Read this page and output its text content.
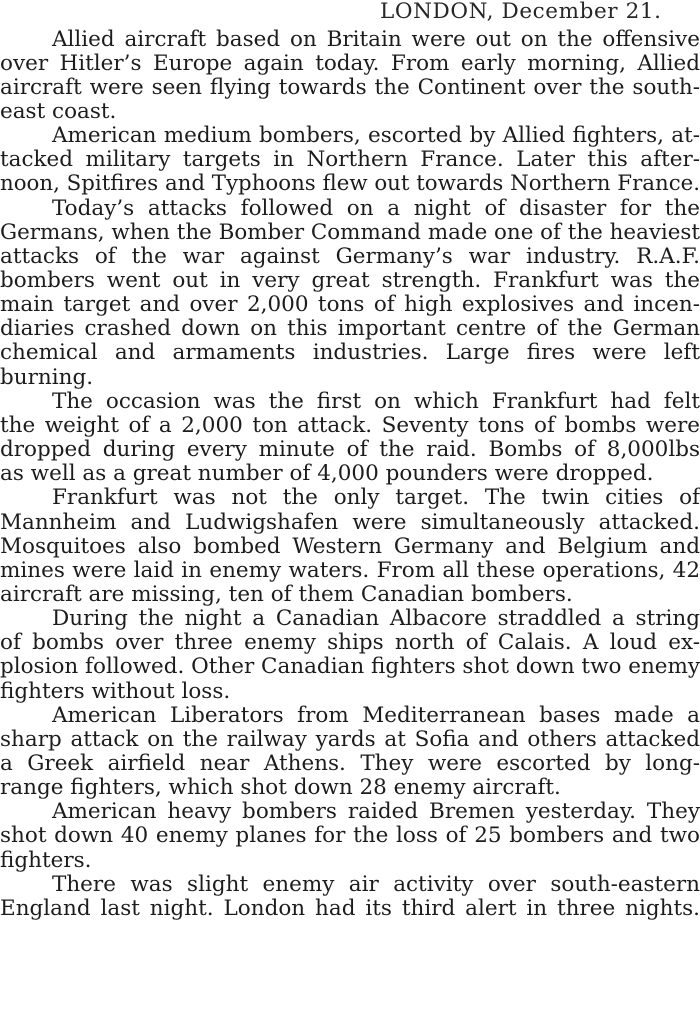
LONDON, December 21.
Allied aircraft based on Britain were out on the offensive
over Hitler’s Europe again today. From early morning, Allied
aircraft were seen flying towards the Continent over the south-
east coast.
American medium bombers, escorted by Allied fighters, at-
tacked military targets in Northern France. Later this after-
noon, Spitfires and Typhoons flew out towards Northern France.
Today’s attacks followed on a night of disaster for the
Germans, when the Bomber Command made one of the heaviest
attacks of the war against Germany’s war industry. R.A.F.
bombers went out in very great strength. Frankfurt was the
main target and over 2,000 tons of high explosives and incen-
diaries crashed down on this important centre of the German
chemical and armaments industries. Large fires were left
burning.
The occasion was the first on which Frankfurt had felt
the weight of a 2,000 ton attack. Seventy tons of bombs were
dropped during every minute of the raid. Bombs of 8,000lbs
as well as a great number of 4,000 pounders were dropped.
Frankfurt was not the only target. The twin cities of
Mannheim and Ludwigshafen were simultaneously attacked.
Mosquitoes also bombed Western Germany and Belgium and
mines were laid in enemy waters. From all these operations, 42
aircraft are missing, ten of them Canadian bombers.
During the night a Canadian Albacore straddled a string
of bombs over three enemy ships north of Calais. A loud ex-
plosion followed. Other Canadian fighters shot down two enemy
fighters without loss.
American Liberators from Mediterranean bases made a
sharp attack on the railway yards at Sofia and others attacked
a Greek airfield near Athens. They were escorted by long-
range fighters, which shot down 28 enemy aircraft.
American heavy bombers raided Bremen yesterday. They
shot down 40 enemy planes for the loss of 25 bombers and two
fighters.
There was slight enemy air activity over south-eastern
England last night. London had its third alert in three nights.
